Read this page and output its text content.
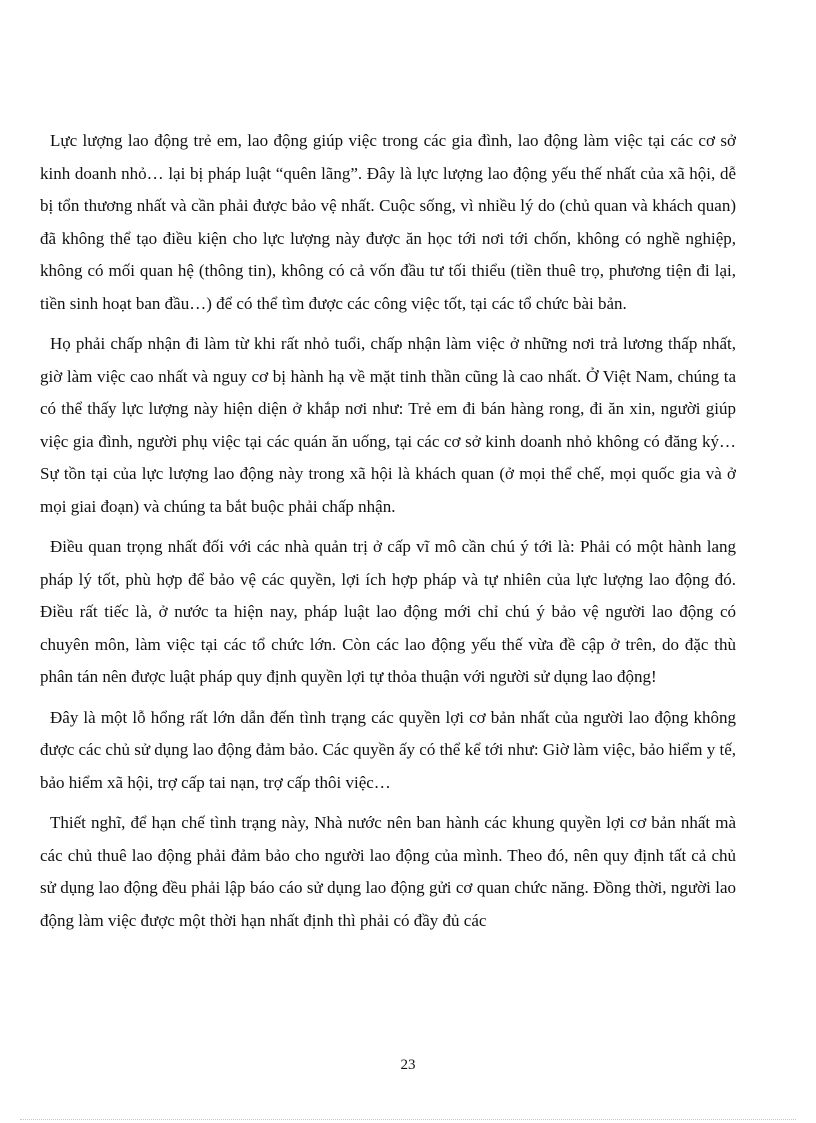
Lực lượng lao động trẻ em, lao động giúp việc trong các gia đình, lao động làm việc tại các cơ sở kinh doanh nhỏ… lại bị pháp luật “quên lãng”. Đây là lực lượng lao động yếu thế nhất của xã hội, dễ bị tổn thương nhất và cần phải được bảo vệ nhất. Cuộc sống, vì nhiều lý do (chủ quan và khách quan) đã không thể tạo điều kiện cho lực lượng này được ăn học tới nơi tới chốn, không có nghề nghiệp, không có mối quan hệ (thông tin), không có cả vốn đầu tư tối thiểu (tiền thuê trọ, phương tiện đi lại, tiền sinh hoạt ban đầu…) để có thể tìm được các công việc tốt, tại các tổ chức bài bản.

Họ phải chấp nhận đi làm từ khi rất nhỏ tuổi, chấp nhận làm việc ở những nơi trả lương thấp nhất, giờ làm việc cao nhất và nguy cơ bị hành hạ về mặt tinh thần cũng là cao nhất. Ở Việt Nam, chúng ta có thể thấy lực lượng này hiện diện ở khắp nơi như: Trẻ em đi bán hàng rong, đi ăn xin, người giúp việc gia đình, người phụ việc tại các quán ăn uống, tại các cơ sở kinh doanh nhỏ không có đăng ký… Sự tồn tại của lực lượng lao động này trong xã hội là khách quan (ở mọi thể chế, mọi quốc gia và ở mọi giai đoạn) và chúng ta bắt buộc phải chấp nhận.

Điều quan trọng nhất đối với các nhà quản trị ở cấp vĩ mô cần chú ý tới là: Phải có một hành lang pháp lý tốt, phù hợp để bảo vệ các quyền, lợi ích hợp pháp và tự nhiên của lực lượng lao động đó. Điều rất tiếc là, ở nước ta hiện nay, pháp luật lao động mới chỉ chú ý bảo vệ người lao động có chuyên môn, làm việc tại các tổ chức lớn. Còn các lao động yếu thế vừa đề cập ở trên, do đặc thù phân tán nên được luật pháp quy định quyền lợi tự thỏa thuận với người sử dụng lao động!

Đây là một lỗ hổng rất lớn dẫn đến tình trạng các quyền lợi cơ bản nhất của người lao động không được các chủ sử dụng lao động đảm bảo. Các quyền ấy có thể kể tới như: Giờ làm việc, bảo hiểm y tế, bảo hiểm xã hội, trợ cấp tai nạn, trợ cấp thôi việc…

Thiết nghĩ, để hạn chế tình trạng này, Nhà nước nên ban hành các khung quyền lợi cơ bản nhất mà các chủ thuê lao động phải đảm bảo cho người lao động của mình. Theo đó, nên quy định tất cả chủ sử dụng lao động đều phải lập báo cáo sử dụng lao động gửi cơ quan chức năng. Đồng thời, người lao động làm việc được một thời hạn nhất định thì phải có đầy đủ các

23
